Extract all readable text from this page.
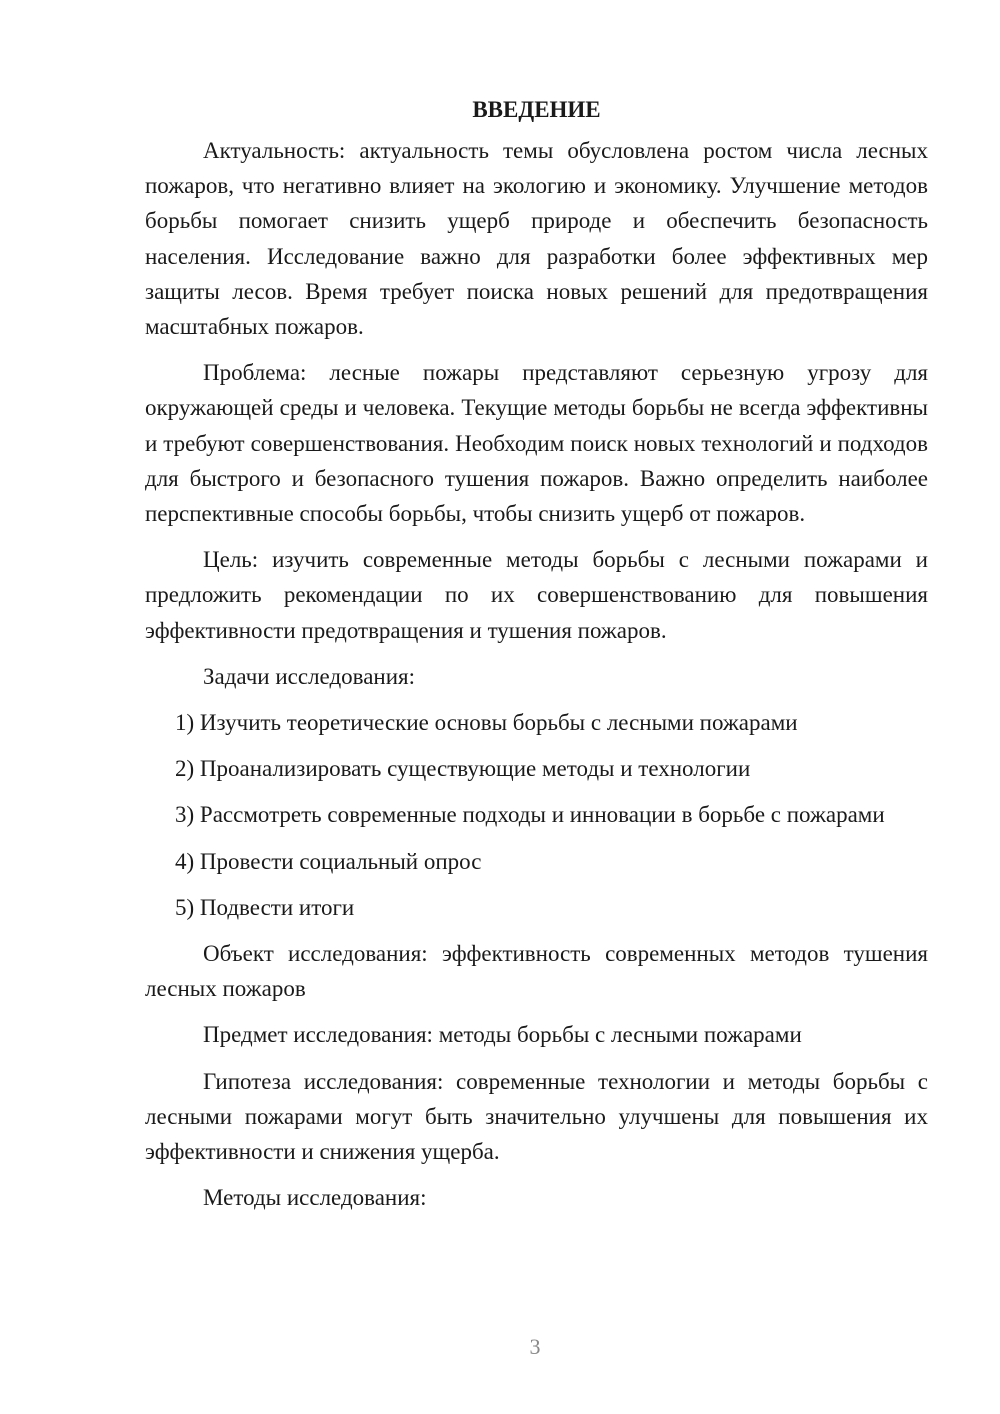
ВВЕДЕНИЕ

Актуальность: актуальность темы обусловлена ростом числа лесных пожаров, что негативно влияет на экологию и экономику. Улучшение методов борьбы помогает снизить ущерб природе и обеспечить безопасность населения. Исследование важно для разработки более эффективных мер защиты лесов. Время требует поиска новых решений для предотвращения масштабных пожаров.

Проблема: лесные пожары представляют серьезную угрозу для окружающей среды и человека. Текущие методы борьбы не всегда эффективны и требуют совершенствования. Необходим поиск новых технологий и подходов для быстрого и безопасного тушения пожаров. Важно определить наиболее перспективные способы борьбы, чтобы снизить ущерб от пожаров.

Цель: изучить современные методы борьбы с лесными пожарами и предложить рекомендации по их совершенствованию для повышения эффективности предотвращения и тушения пожаров.

Задачи исследования:

1) Изучить теоретические основы борьбы с лесными пожарами

2) Проанализировать существующие методы и технологии

3) Рассмотреть современные подходы и инновации в борьбе с пожарами

4) Провести социальный опрос

5) Подвести итоги

Объект исследования: эффективность современных методов тушения лесных пожаров

Предмет исследования: методы борьбы с лесными пожарами

Гипотеза исследования: современные технологии и методы борьбы с лесными пожарами могут быть значительно улучшены для повышения их эффективности и снижения ущерба.

Методы исследования:

3
